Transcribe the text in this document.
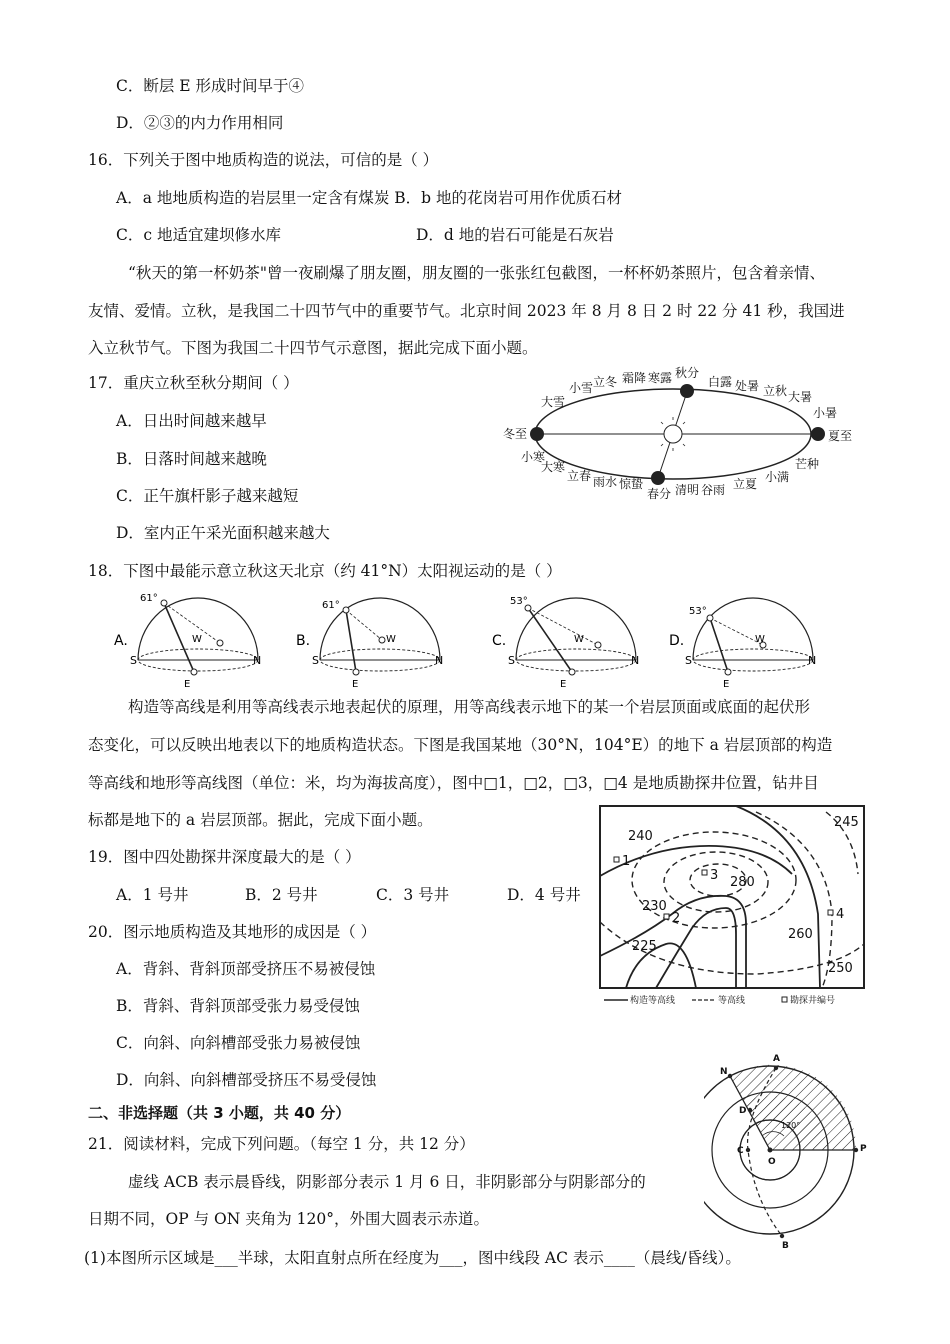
C．断层 E 形成时间早于④
D．②③的内力作用相同
16．下列关于图中地质构造的说法，可信的是（ ）
A．a 地地质构造的岩层里一定含有煤炭 B．b 地的花岗岩可用作优质石材
C．c 地适宜建坝修水库	D．d 地的岩石可能是石灰岩
“秋天的第一杯奶茶"曾一夜刷爆了朋友圈，朋友圈的一张张红包截图，一杯杯奶茶照片，包含着亲情、
友情、爱情。立秋，是我国二十四节气中的重要节气。北京时间 2023 年 8 月 8 日 2 时 22 分 41 秒，我国进
入立秋节气。下图为我国二十四节气示意图，据此完成下面小题。
17．重庆立秋至秋分期间（ ）
A．日出时间越来越早
B．日落时间越来越晚
C．正午旗杆影子越来越短
D．室内正午采光面积越来越大
18．下图中最能示意立秋这天北京（约 41°N）太阳视运动的是（ ）
构造等高线是利用等高线表示地表起伏的原理，用等高线表示地下的某一个岩层顶面或底面的起伏形
态变化，可以反映出地表以下的地质构造状态。下图是我国某地（30°N，104°E）的地下 a 岩层顶部的构造
等高线和地形等高线图（单位：米，均为海拔高度），图中□1，□2，□3，□4 是地质勘探井位置，钻井目
标都是地下的 a 岩层顶部。据此，完成下面小题。
19．图中四处勘探井深度最大的是（ ）
A．1 号井	B．2 号井	C．3 号井	D．4 号井
20．图示地质构造及其地形的成因是（ ）
A．背斜、背斜顶部受挤压不易被侵蚀
B．背斜、背斜顶部受张力易受侵蚀
C．向斜、向斜槽部受张力易被侵蚀
D．向斜、向斜槽部受挤压不易受侵蚀
二、非选择题（共 3 小题，共 40 分）
21．阅读材料，完成下列问题。（每空 1 分，共 12 分）
虚线 ACB 表示晨昏线，阴影部分表示 1 月 6 日，非阴影部分与阴影部分的
日期不同，OP 与 ON 夹角为 120°，外围大圆表示赤道。
(1)本图所示区域是___半球，太阳直射点所在经度为___，图中线段 AC 表示____（晨线/昏线）。
小雪 立冬 霜降 寒露 秋分
白露 处暑 立秋 大暑
大雪
小暑
冬至	夏至
小寒
大寒
立春 雨水 惊蛰
春分 清明 谷雨 立夏 小满
芒种
A.
61°
S	N
W
E
B.
61°
S	N
W
E
C.
53°
S	N
W
E
D.
53°
S	N
W
E
1
2
3
4
240
245
280
230
260
225
250
构造等高线	等高线	勘探井编号
A
N
D
C
O
P
B
120°
